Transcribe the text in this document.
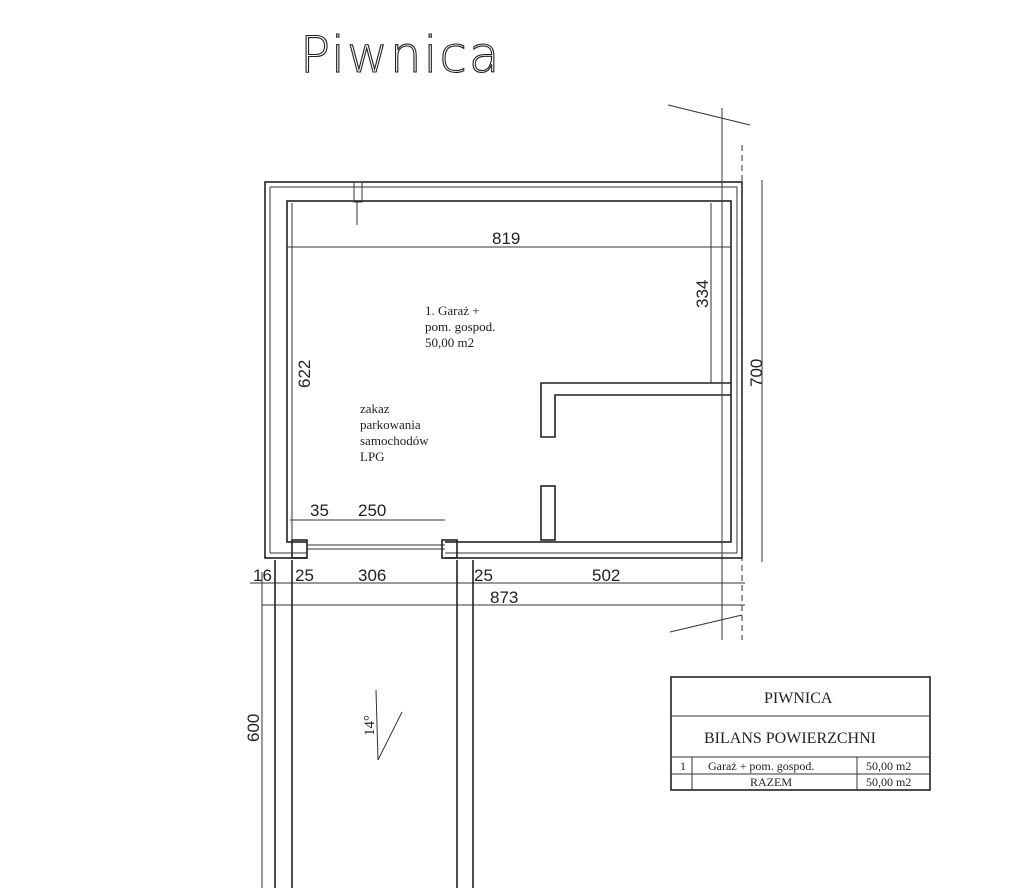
Piwnica
819
334
622	700
35 250
16 25	306	25	502
873
600	14°
1. Garaż +
pom. gospod.
50,00 m2
zakaz
parkowania
samochodów
LPG
PIWNICA
BILANS POWIERZCHNI
1 Garaż + pom. gospod.	50,00 m2
RAZEM	50,00 m2
